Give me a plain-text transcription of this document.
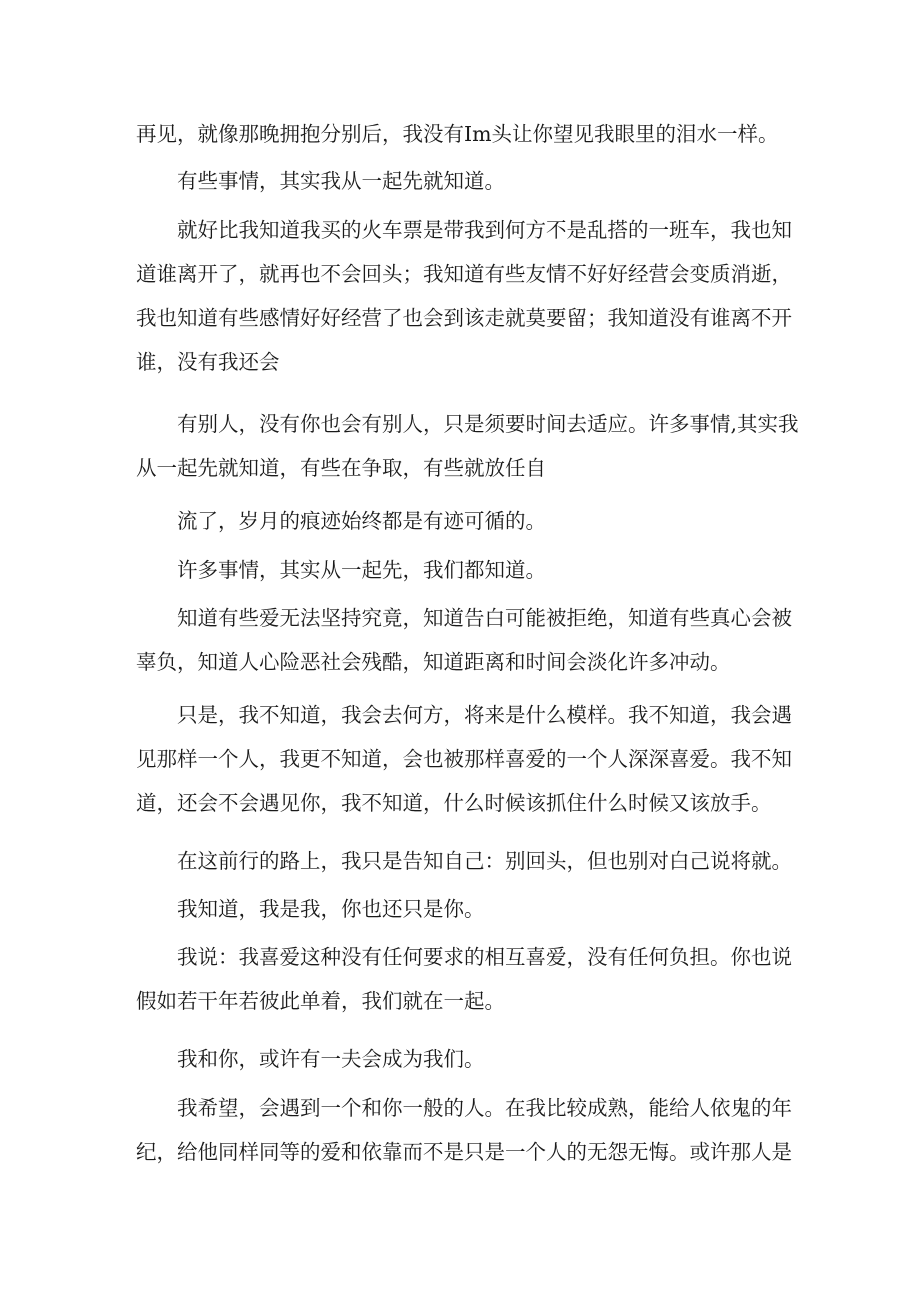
再见，就像那晚拥抱分别后，我没有Im头让你望见我眼里的泪水一样。

有些事情，其实我从一起先就知道。

就好比我知道我买的火车票是带我到何方不是乱搭的一班车，我也知
道谁离开了，就再也不会回头；我知道有些友情不好好经营会变质消逝，
我也知道有些感情好好经营了也会到该走就莫要留；我知道没有谁离不开
谁，没有我还会

有别人，没有你也会有别人，只是须要时间去适应。许多事情,其实我
从一起先就知道，有些在争取，有些就放任自

流了，岁月的痕迹始终都是有迹可循的。

许多事情，其实从一起先，我们都知道。

知道有些爱无法坚持究竟，知道告白可能被拒绝，知道有些真心会被
辜负，知道人心险恶社会残酷，知道距离和时间会淡化许多冲动。

只是，我不知道，我会去何方，将来是什么模样。我不知道，我会遇
见那样一个人，我更不知道，会也被那样喜爱的一个人深深喜爱。我不知
道，还会不会遇见你，我不知道，什么时候该抓住什么时候又该放手。

在这前行的路上，我只是告知自己：别回头，但也别对白己说将就。

我知道，我是我，你也还只是你。

我说：我喜爱这种没有任何要求的相互喜爱，没有任何负担。你也说
假如若干年若彼此单着，我们就在一起。

我和你，或许有一夫会成为我们。

我希望，会遇到一个和你一般的人。在我比较成熟，能给人依鬼的年
纪，给他同样同等的爱和依靠而不是只是一个人的无怨无悔。或许那人是
